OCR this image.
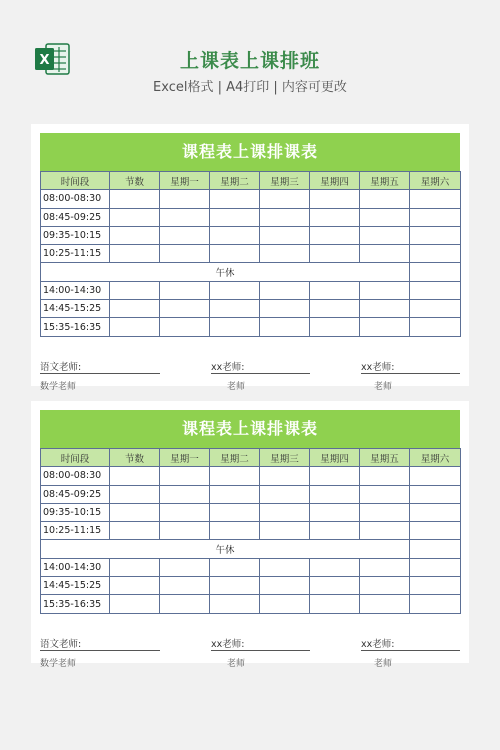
X	上课表上课排班
Excel格式 | A4打印 | 内容可更改
课程表上课排课表
时间段	节数	星期一	星期二	星期三	星期四	星期五	星期六
08:00-08:30							
08:45-09:25							
09:35-10:15							
10:25-11:15							
午休							
14:00-14:30							
14:45-15:25							
15:35-16:35							
语文老师:	xx老师:	xx老师:
数学老师	老师	老师
课程表上课排课表
时间段	节数	星期一	星期二	星期三	星期四	星期五	星期六
08:00-08:30							
08:45-09:25							
09:35-10:15							
10:25-11:15							
午休							
14:00-14:30							
14:45-15:25							
15:35-16:35							
语文老师:	xx老师:	xx老师:
数学老师	老师	老师
